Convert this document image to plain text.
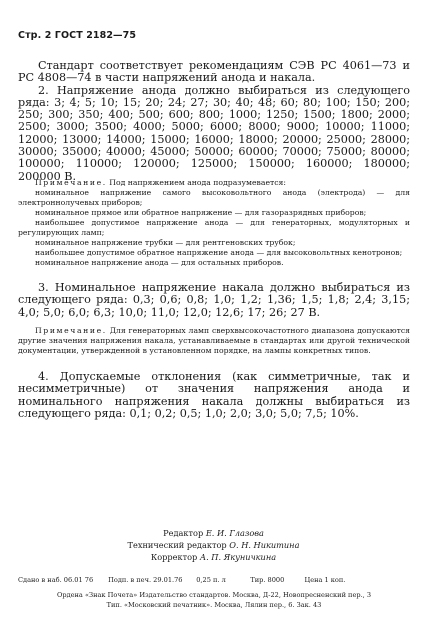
Стр. 2 ГОСТ 2182—75

Стандарт соответствует рекомендациям СЭВ РС 4061—73 и РС 4808—74 в части напряжений анода и накала.

2. Напряжение анода должно выбираться из следующего ряда: 3; 4; 5; 10; 15; 20; 24; 27; 30; 40; 48; 60; 80; 100; 150; 200; 250; 300; 350; 400; 500; 600; 800; 1000; 1250; 1500; 1800; 2000; 2500; 3000; 3500; 4000; 5000; 6000; 8000; 9000; 10000; 11000; 12000; 13000; 14000; 15000; 16000; 18000; 20000; 25000; 28000; 30000; 35000; 40000; 45000; 50000; 60000; 70000; 75000; 80000; 100000; 110000; 120000; 125000; 150000; 160000; 180000; 200000 В.

Примечание. Под напряжением анода подразумевается:

номинальное напряжение самого высоковольтного анода (электрода) — для электроннолучевых приборов;

номинальное прямое или обратное напряжение — для газоразрядных приборов;

наибольшее допустимое напряжение анода — для генераторных, модуляторных и регулирующих ламп;

номинальное напряжение трубки — для рентгеновских трубок;

наибольшее допустимое обратное напряжение анода — для высоковольтных кенотронов;

номинальное напряжение анода — для остальных приборов.

3. Номинальное напряжение накала должно выбираться из следующего ряда: 0,3; 0,6; 0,8; 1,0; 1,2; 1,36; 1,5; 1,8; 2,4; 3,15; 4,0; 5,0; 6,0; 6,3; 10,0; 11,0; 12,0; 12,6; 17; 26; 27 В.

Примечание. Для генераторных ламп сверхвысокочастотного диапазона допускаются другие значения напряжения накала, устанавливаемые в стандартах или другой технической документации, утвержденной в установленном порядке, на лампы конкретных типов.

4. Допускаемые отклонения (как симметричные, так и несимметричные) от значения напряжения анода и номинального напряжения накала должны выбираться из следующего ряда: 0,1; 0,2; 0,5; 1,0; 2,0; 3,0; 5,0; 7,5; 10%.

Редактор Е. И. Глазова
Технический редактор О. Н. Никитина
Корректор А. П. Якуничкина
Сдано в наб. 06.01 76 Подп. в печ. 29.01.76 0,25 п. л	Тир. 8000	Цена 1 коп.
Ордена «Знак Почета» Издательство стандартов. Москва, Д-22, Новопресненский пер., 3
Тип. «Московский печатник». Москва, Лялин пер., 6. Зак. 43
